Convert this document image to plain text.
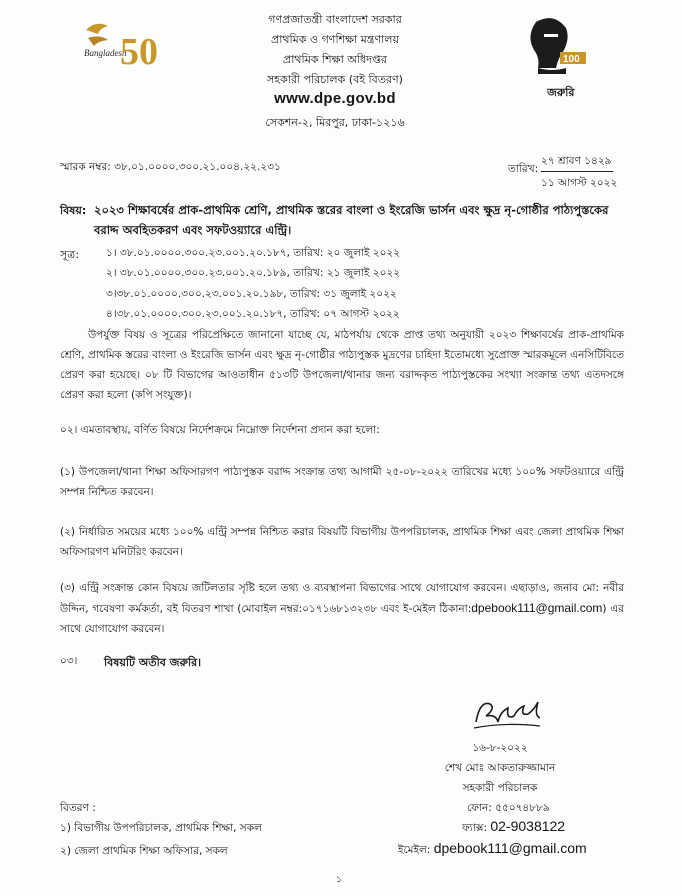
Bangladesh
50
গণপ্রজাতন্ত্রী বাংলাদেশ সরকার
প্রাথমিক ও গণশিক্ষা মন্ত্রণালয়
প্রাথমিক শিক্ষা অধিদপ্তর
সহকারী পরিচালক (বই বিতরণ)
www.dpe.gov.bd
সেকশন-২, মিরপুর, ঢাকা-১২১৬
100
জরুরি
স্মারক নম্বর: ৩৮.০১.০০০০.৩০০.২১.০০৪.২২.২৩১	তারিখ:
২৭ শ্রাবণ ১৪২৯
১১ আগস্ট ২০২২
বিষয়: ২০২৩ শিক্ষাবর্ষের প্রাক-প্রাথমিক শ্রেণি, প্রাথমিক স্তরের বাংলা ও ইংরেজি ভার্সন এবং ক্ষুদ্র নৃ-গোষ্ঠীর পাঠ্যপুস্তকের বরাদ্দ অবহিতকরণ এবং সফটওয়্যারে এন্ট্রি।
সূত্র:	১। ৩৮.০১.০০০০.৩০০.২৩.০০১.২০.১৮৭, তারিখ: ২০ জুলাই ২০২২
২। ৩৮.০১.০০০০.৩০০.২৩.০০১.২০.১৮৯, তারিখ: ২১ জুলাই ২০২২
৩।৩৮.০১.০০০০.৩০০.২৩.০০১.২০.১৯৮, তারিখ: ৩১ জুলাই ২০২২
৪।৩৮.০১.০০০০.৩০০.২৩.০০১.২০.১৮৭, তারিখ: ০৭ আগস্ট ২০২২
উপর্যুক্ত বিষয় ও সূত্রের পরিপ্রেক্ষিতে জানানো যাচ্ছে যে, মাঠপর্যায় থেকে প্রাপ্ত তথ্য অনুযায়ী ২০২৩ শিক্ষাবর্ষের প্রাক-প্রাথমিক শ্রেণি, প্রাথমিক স্তরের বাংলা ও ইংরেজি ভার্সন এবং ক্ষুদ্র নৃ-গোষ্ঠীর পাঠ্যপুস্তক মুদ্রণের চাহিদা ইতোমধ্যে সুপ্রোক্ত স্মারকমূলে এনসিটিবিতে প্রেরণ করা হয়েছে। ০৮ টি বিভাগের আওতাধীন ৫১৩টি উপজেলা/থানার জন্য বরাদ্দকৃত পাঠ্যপুস্তকের সংখ্যা সংক্রান্ত তথ্য এতদসঙ্গে প্রেরণ করা হলো (কপি সংযুক্ত)।
০২। এমতাবস্থায়, বর্ণিত বিষয়ে নির্দেশক্রমে নিম্নোক্ত নির্দেশনা প্রদান করা হলো:
(১) উপজেলা/থানা শিক্ষা অফিসারগণ পাঠ্যপুস্তক বরাদ্দ সংক্রান্ত তথ্য আগামী ২৫-০৮-২০২২ তারিখের মধ্যে ১০০% সফটওয়্যারে এন্ট্রি সম্পন্ন নিশ্চিত করবেন।
(২) নির্ধারিত সময়ের মধ্যে ১০০% এন্ট্রি সম্পন্ন নিশ্চিত করার বিষয়টি বিভাগীয় উপপরিচালক, প্রাথমিক শিক্ষা এবং জেলা প্রাথমিক শিক্ষা অফিসারগণ মনিটরিং করবেন।
(৩) এন্ট্রি সংক্রান্ত কোন বিষয়ে জটিলতার সৃষ্টি হলে তথ্য ও ব্যবস্থাপনা বিভাগের সাথে যোগাযোগ করবেন। এছাড়াও, জনাব মো: নবীর উদ্দিন, গবেষণা কর্মকর্তা, বই বিতরণ শাখা (মোবাইল নম্বর:০১৭১৬৮১৩২৩৮ এবং ই-মেইল ঠিকানা:dpebook111@gmail.com) এর সাথে যোগাযোগ করবেন।
০৩। বিষয়টি অতীব জরুরি।
১৬-৮-২০২২
শেখ মোঃ আকতারুজ্জামান
সহকারী পরিচালক
ফোন: ৫৫০৭৪৮৮৯
ফ্যাক্স: 02-9038122
ইমেইল: dpebook111@gmail.com
বিতরণ :
১) বিভাগীয় উপপরিচালক, প্রাথমিক শিক্ষা, সকল
২) জেলা প্রাথমিক শিক্ষা অফিসার, সকল
১
